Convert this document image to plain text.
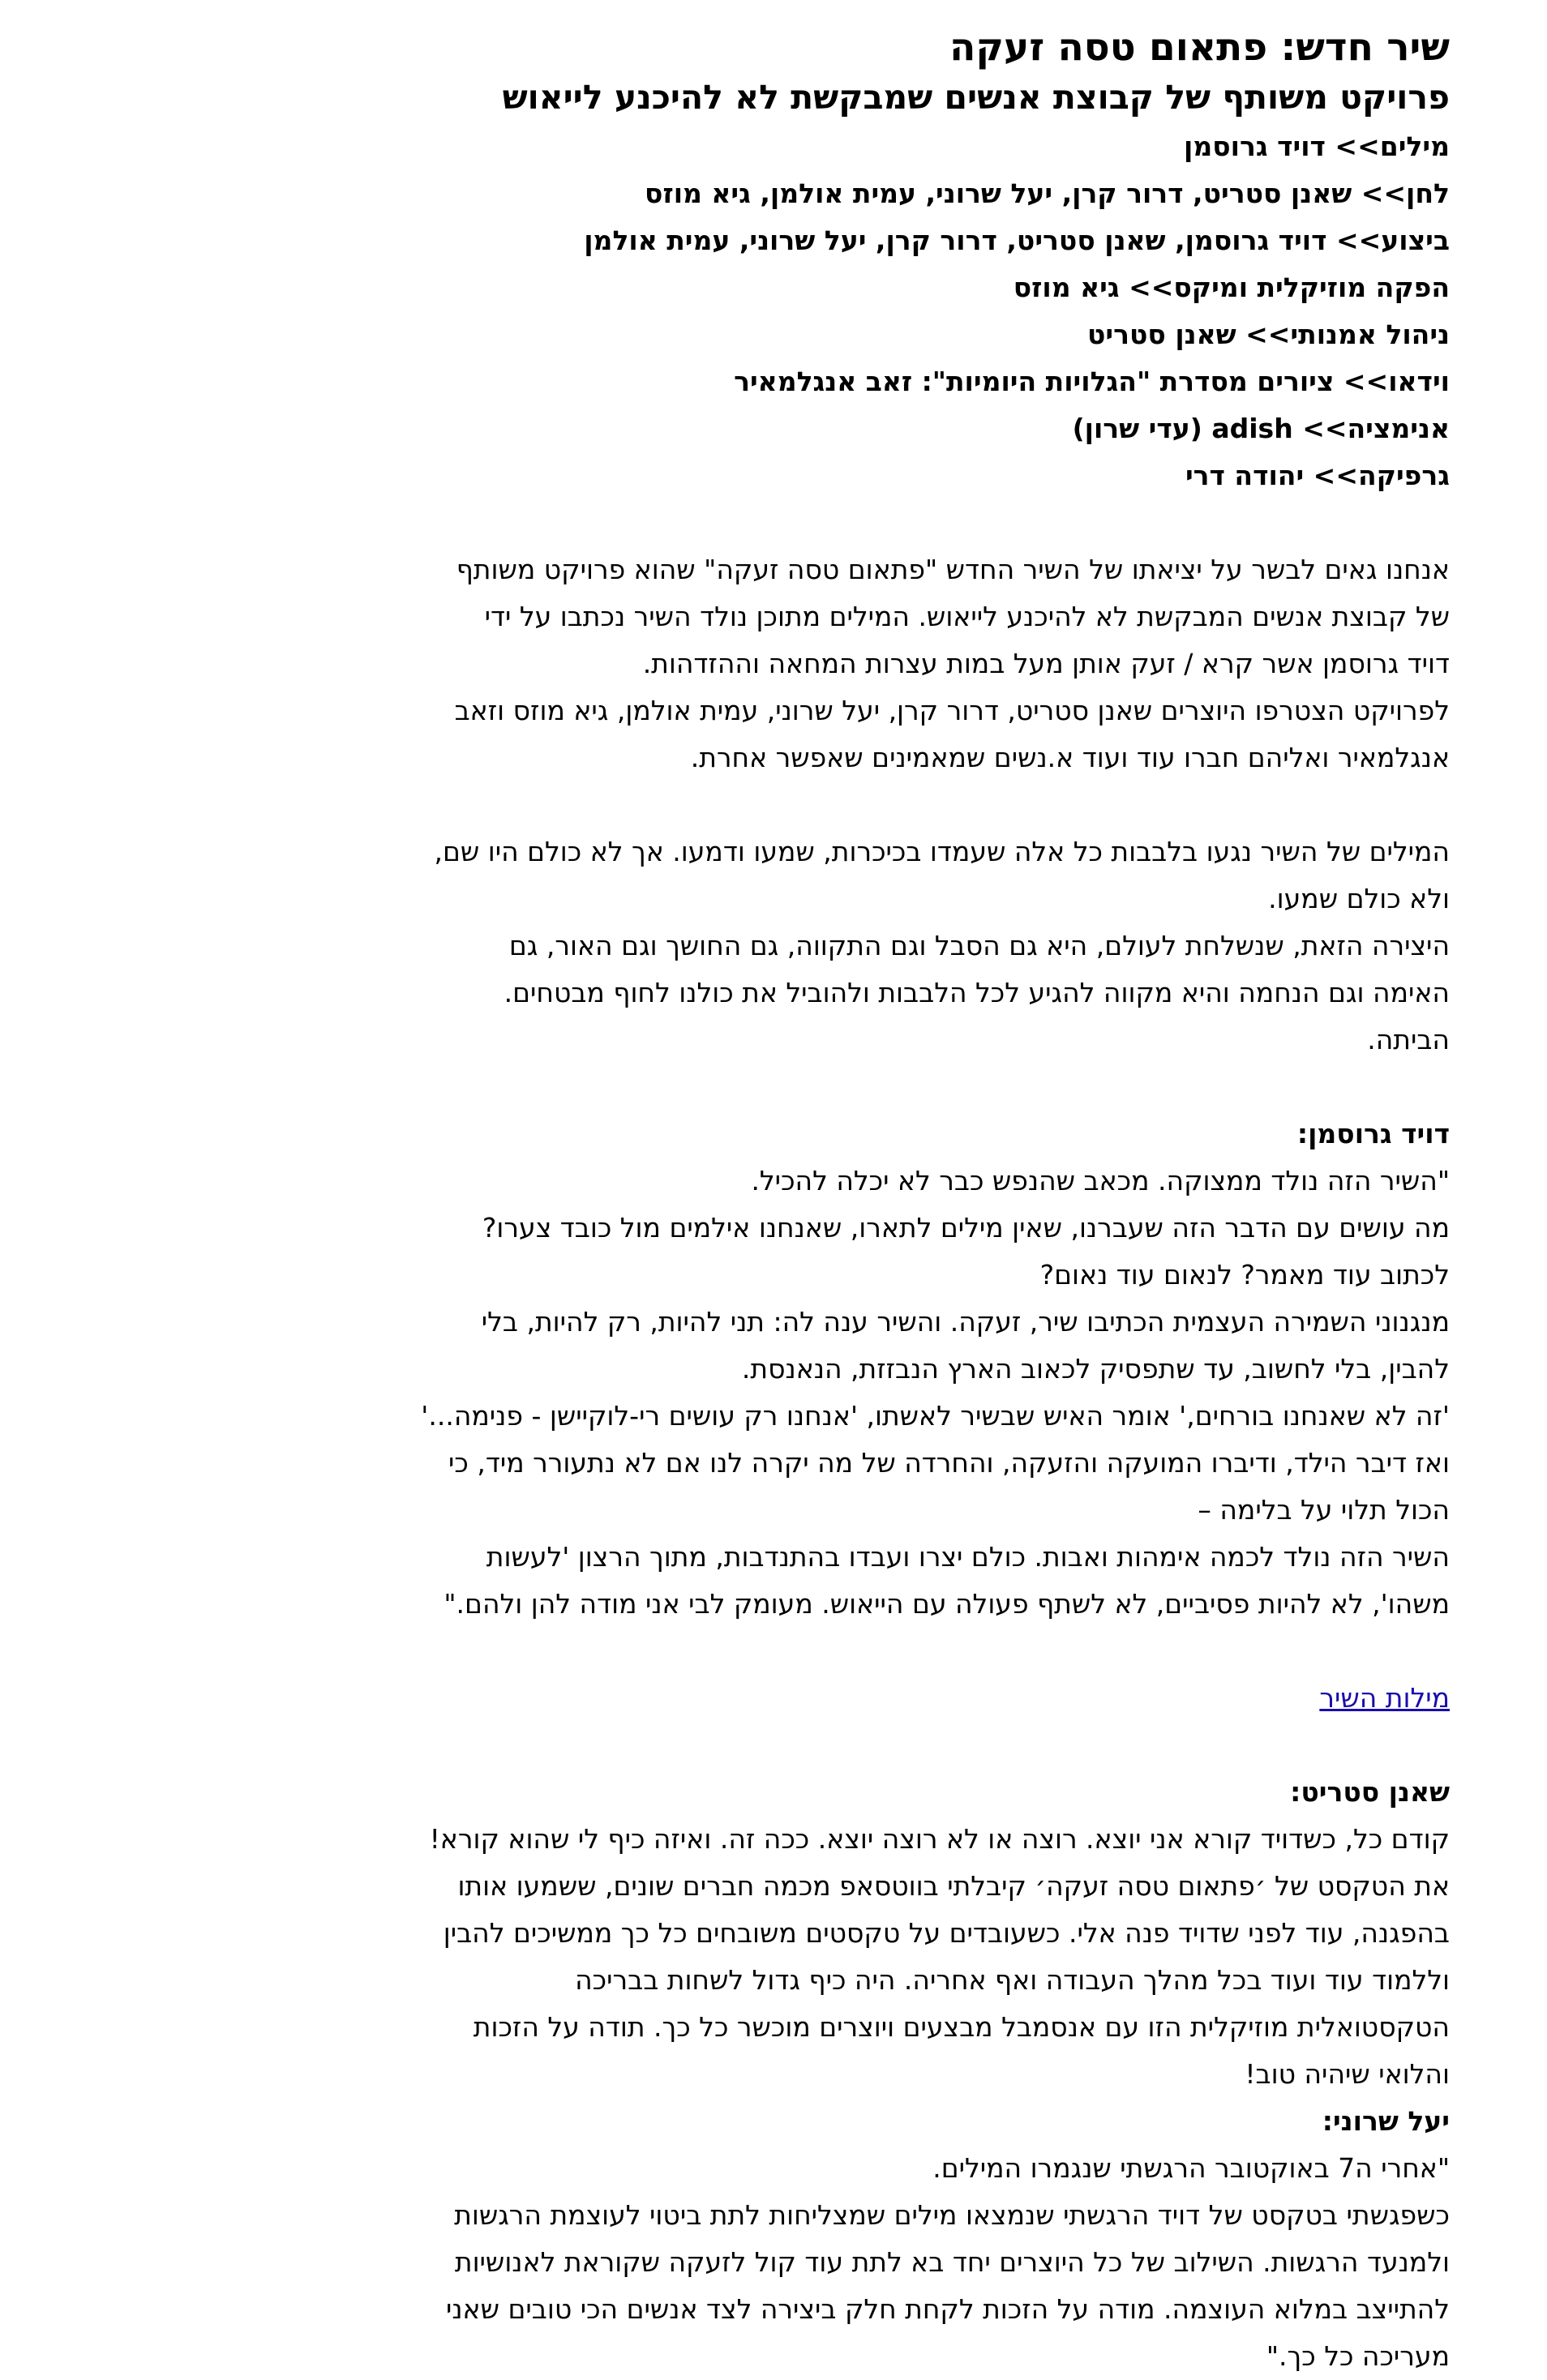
שיר חדש: פתאום טסה זעקה
פרויקט משותף של קבוצת אנשים שמבקשת לא להיכנע לייאוש
מילים>> דויד גרוסמן
לחן>> שאנן סטריט, דרור קרן, יעל שרוני, עמית אולמן, גיא מוזס
ביצוע>> דויד גרוסמן, שאנן סטריט, דרור קרן, יעל שרוני, עמית אולמן
הפקה מוזיקלית ומיקס>> גיא מוזס
ניהול אמנותי>> שאנן סטריט
וידאו>> ציורים מסדרת "הגלויות היומיות": זאב אנגלמאיר
אנימציה>> adish (עדי שרון)
גרפיקה>> יהודה דרי
אנחנו גאים לבשר על יציאתו של השיר החדש "פתאום טסה זעקה" שהוא פרויקט משותף
של קבוצת אנשים המבקשת לא להיכנע לייאוש. המילים מתוכן נולד השיר נכתבו על ידי
דויד גרוסמן אשר קרא / זעק אותן מעל במות עצרות המחאה וההזדהות.
לפרויקט הצטרפו היוצרים שאנן סטריט, דרור קרן, יעל שרוני, עמית אולמן, גיא מוזס וזאב
אנגלמאיר ואליהם חברו עוד ועוד א.נשים שמאמינים שאפשר אחרת.
המילים של השיר נגעו בלבבות כל אלה שעמדו בכיכרות, שמעו ודמעו. אך לא כולם היו שם,
ולא כולם שמעו.
היצירה הזאת, שנשלחת לעולם, היא גם הסבל וגם התקווה, גם החושך וגם האור, גם
האימה וגם הנחמה והיא מקווה להגיע לכל הלבבות ולהוביל את כולנו לחוף מבטחים.
הביתה.
דויד גרוסמן:
"השיר הזה נולד ממצוקה. מכאב שהנפש כבר לא יכלה להכיל.
מה עושים עם הדבר הזה שעברנו, שאין מילים לתארו, שאנחנו אילמים מול כובד צערו?
לכתוב עוד מאמר? לנאום עוד נאום?
מנגנוני השמירה העצמית הכתיבו שיר, זעקה. והשיר ענה לה: תני להיות, רק להיות, בלי
להבין, בלי לחשוב, עד שתפסיק לכאוב הארץ הנבזזת, הנאנסת.
'זה לא שאנחנו בורחים,' אומר האיש שבשיר לאשתו, 'אנחנו רק עושים רי-לוקיישן - פנימה...'
ואז דיבר הילד, ודיברו המועקה והזעקה, והחרדה של מה יקרה לנו אם לא נתעורר מיד, כי
הכול תלוי על בלימה –
השיר הזה נולד לכמה אימהות ואבות. כולם יצרו ועבדו בהתנדבות, מתוך הרצון 'לעשות
משהו', לא להיות פסיביים, לא לשתף פעולה עם הייאוש. מעומק לבי אני מודה להן ולהם."
מילות השיר
שאנן סטריט:
קודם כל, כשדויד קורא אני יוצא. רוצה או לא רוצה יוצא. ככה זה. ואיזה כיף לי שהוא קורא!
את הטקסט של ׳פתאום טסה זעקה׳ קיבלתי בווטסאפ מכמה חברים שונים, ששמעו אותו
בהפגנה, עוד לפני שדויד פנה אלי. כשעובדים על טקסטים משובחים כל כך ממשיכים להבין
וללמוד עוד ועוד בכל מהלך העבודה ואף אחריה. היה כיף גדול לשחות בבריכה
הטקסטואלית מוזיקלית הזו עם אנסמבל מבצעים ויוצרים מוכשר כל כך. תודה על הזכות
והלואי שיהיה טוב!
יעל שרוני:
"אחרי ה7 באוקטובר הרגשתי שנגמרו המילים.
כשפגשתי בטקסט של דויד הרגשתי שנמצאו מילים שמצליחות לתת ביטוי לעוצמת הרגשות
ולמנעד הרגשות. השילוב של כל היוצרים יחד בא לתת עוד קול לזעקה שקוראת לאנושיות
להתייצב במלוא העוצמה. מודה על הזכות לקחת חלק ביצירה לצד אנשים הכי טובים שאני
מעריכה כל כך."
